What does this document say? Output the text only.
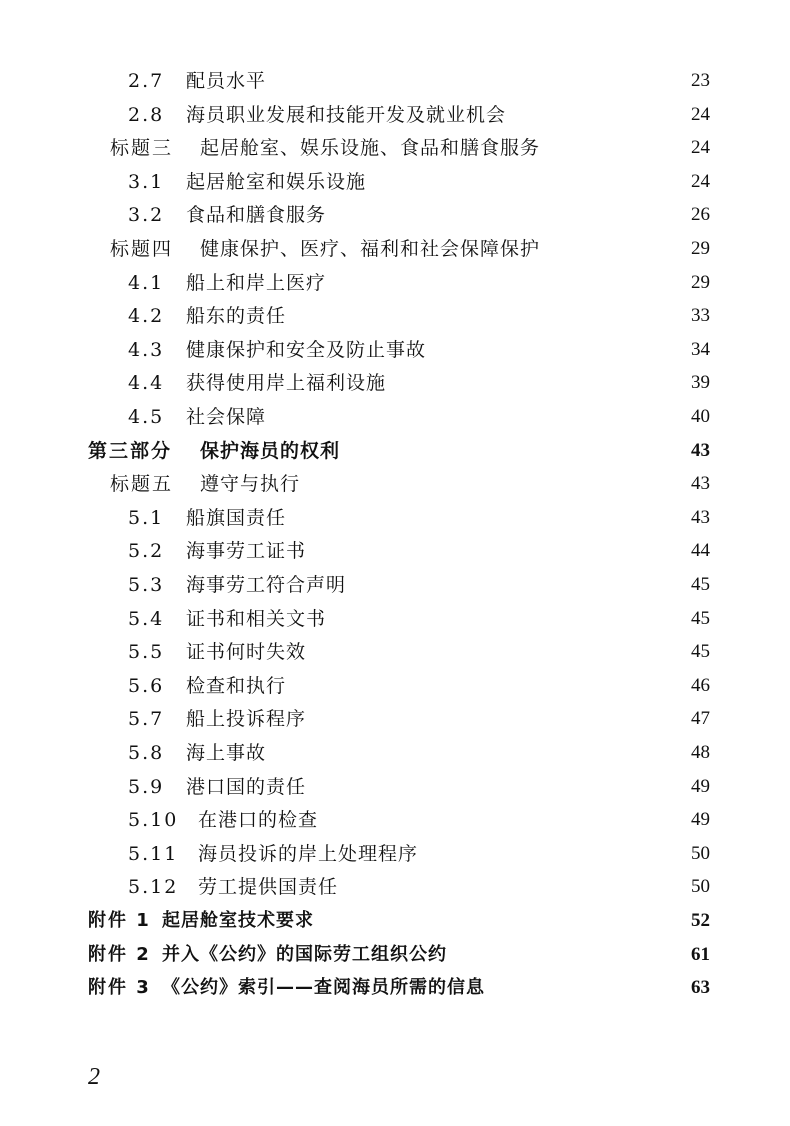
2.7	配员水平	23
2.8	海员职业发展和技能开发及就业机会	24
标题三	起居舱室、娱乐设施、食品和膳食服务	24
3.1	起居舱室和娱乐设施	24
3.2	食品和膳食服务	26
标题四	健康保护、医疗、福利和社会保障保护	29
4.1	船上和岸上医疗	29
4.2	船东的责任	33
4.3	健康保护和安全及防止事故	34
4.4	获得使用岸上福利设施	39
4.5	社会保障	40
第三部分	保护海员的权利	43
标题五	遵守与执行	43
5.1	船旗国责任	43
5.2	海事劳工证书	44
5.3	海事劳工符合声明	45
5.4	证书和相关文书	45
5.5	证书何时失效	45
5.6	检查和执行	46
5.7	船上投诉程序	47
5.8	海上事故	48
5.9	港口国的责任	49
5.10	在港口的检查	49
5.11	海员投诉的岸上处理程序	50
5.12	劳工提供国责任	50
附件 1 起居舱室技术要求	52
附件 2 并入《公约》的国际劳工组织公约	61
附件 3 《公约》索引——查阅海员所需的信息	63
2
